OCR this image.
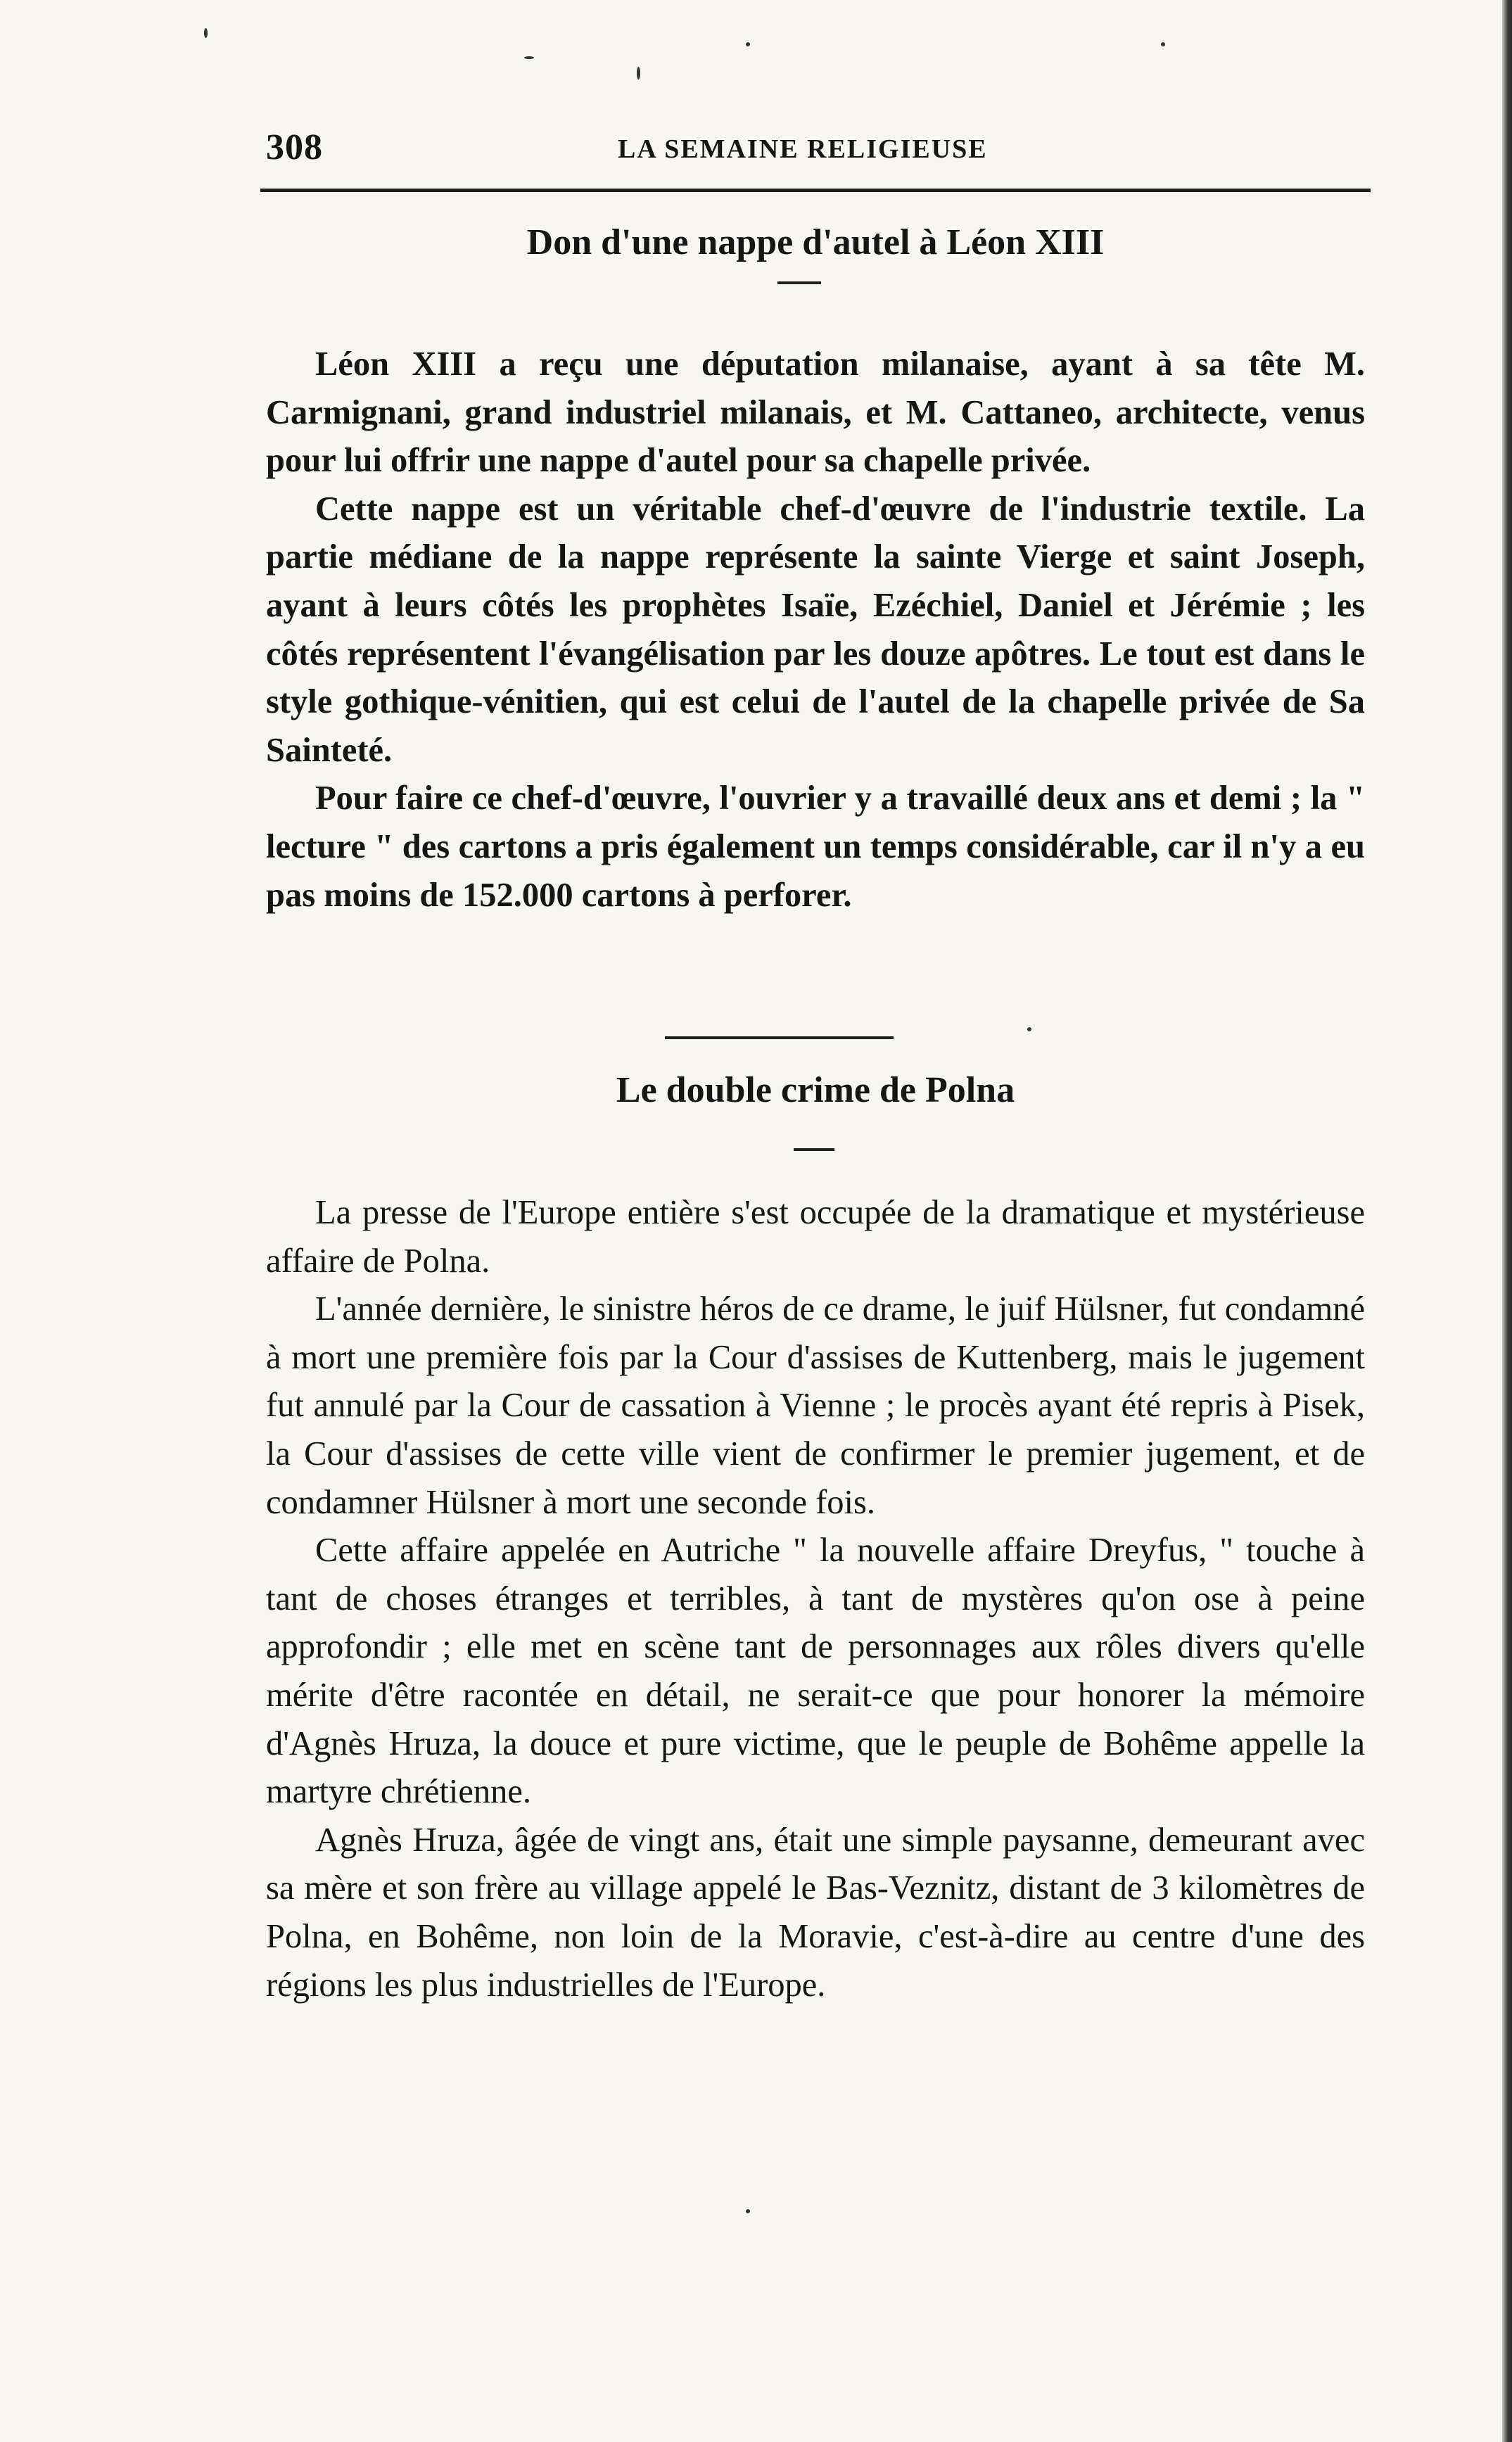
308	LA SEMAINE RELIGIEUSE
Don d'une nappe d'autel à Léon XIII

Léon XIII a reçu une députation milanaise, ayant à sa tête M. Carmignani, grand industriel milanais, et M. Cattaneo, architecte, venus pour lui offrir une nappe d'autel pour sa chapelle privée.

Cette nappe est un véritable chef-d'œuvre de l'industrie textile. La partie médiane de la nappe représente la sainte Vierge et saint Joseph, ayant à leurs côtés les prophètes Isaïe, Ezéchiel, Daniel et Jérémie ; les côtés représentent l'évangélisation par les douze apôtres. Le tout est dans le style gothique-vénitien, qui est celui de l'autel de la chapelle privée de Sa Sainteté.

Pour faire ce chef-d'œuvre, l'ouvrier y a travaillé deux ans et demi ; la " lecture " des cartons a pris également un temps considérable, car il n'y a eu pas moins de 152.000 cartons à perforer.

Le double crime de Polna

La presse de l'Europe entière s'est occupée de la dramatique et mystérieuse affaire de Polna.

L'année dernière, le sinistre héros de ce drame, le juif Hülsner, fut condamné à mort une première fois par la Cour d'assises de Kuttenberg, mais le jugement fut annulé par la Cour de cassation à Vienne ; le procès ayant été repris à Pisek, la Cour d'assises de cette ville vient de confirmer le premier jugement, et de condamner Hülsner à mort une seconde fois.

Cette affaire appelée en Autriche " la nouvelle affaire Dreyfus, " touche à tant de choses étranges et terribles, à tant de mystères qu'on ose à peine approfondir ; elle met en scène tant de personnages aux rôles divers qu'elle mérite d'être racontée en détail, ne serait-ce que pour honorer la mémoire d'Agnès Hruza, la douce et pure victime, que le peuple de Bohême appelle la martyre chrétienne.

Agnès Hruza, âgée de vingt ans, était une simple paysanne, demeurant avec sa mère et son frère au village appelé le Bas-Veznitz, distant de 3 kilomètres de Polna, en Bohême, non loin de la Moravie, c'est-à-dire au centre d'une des régions les plus industrielles de l'Europe.
